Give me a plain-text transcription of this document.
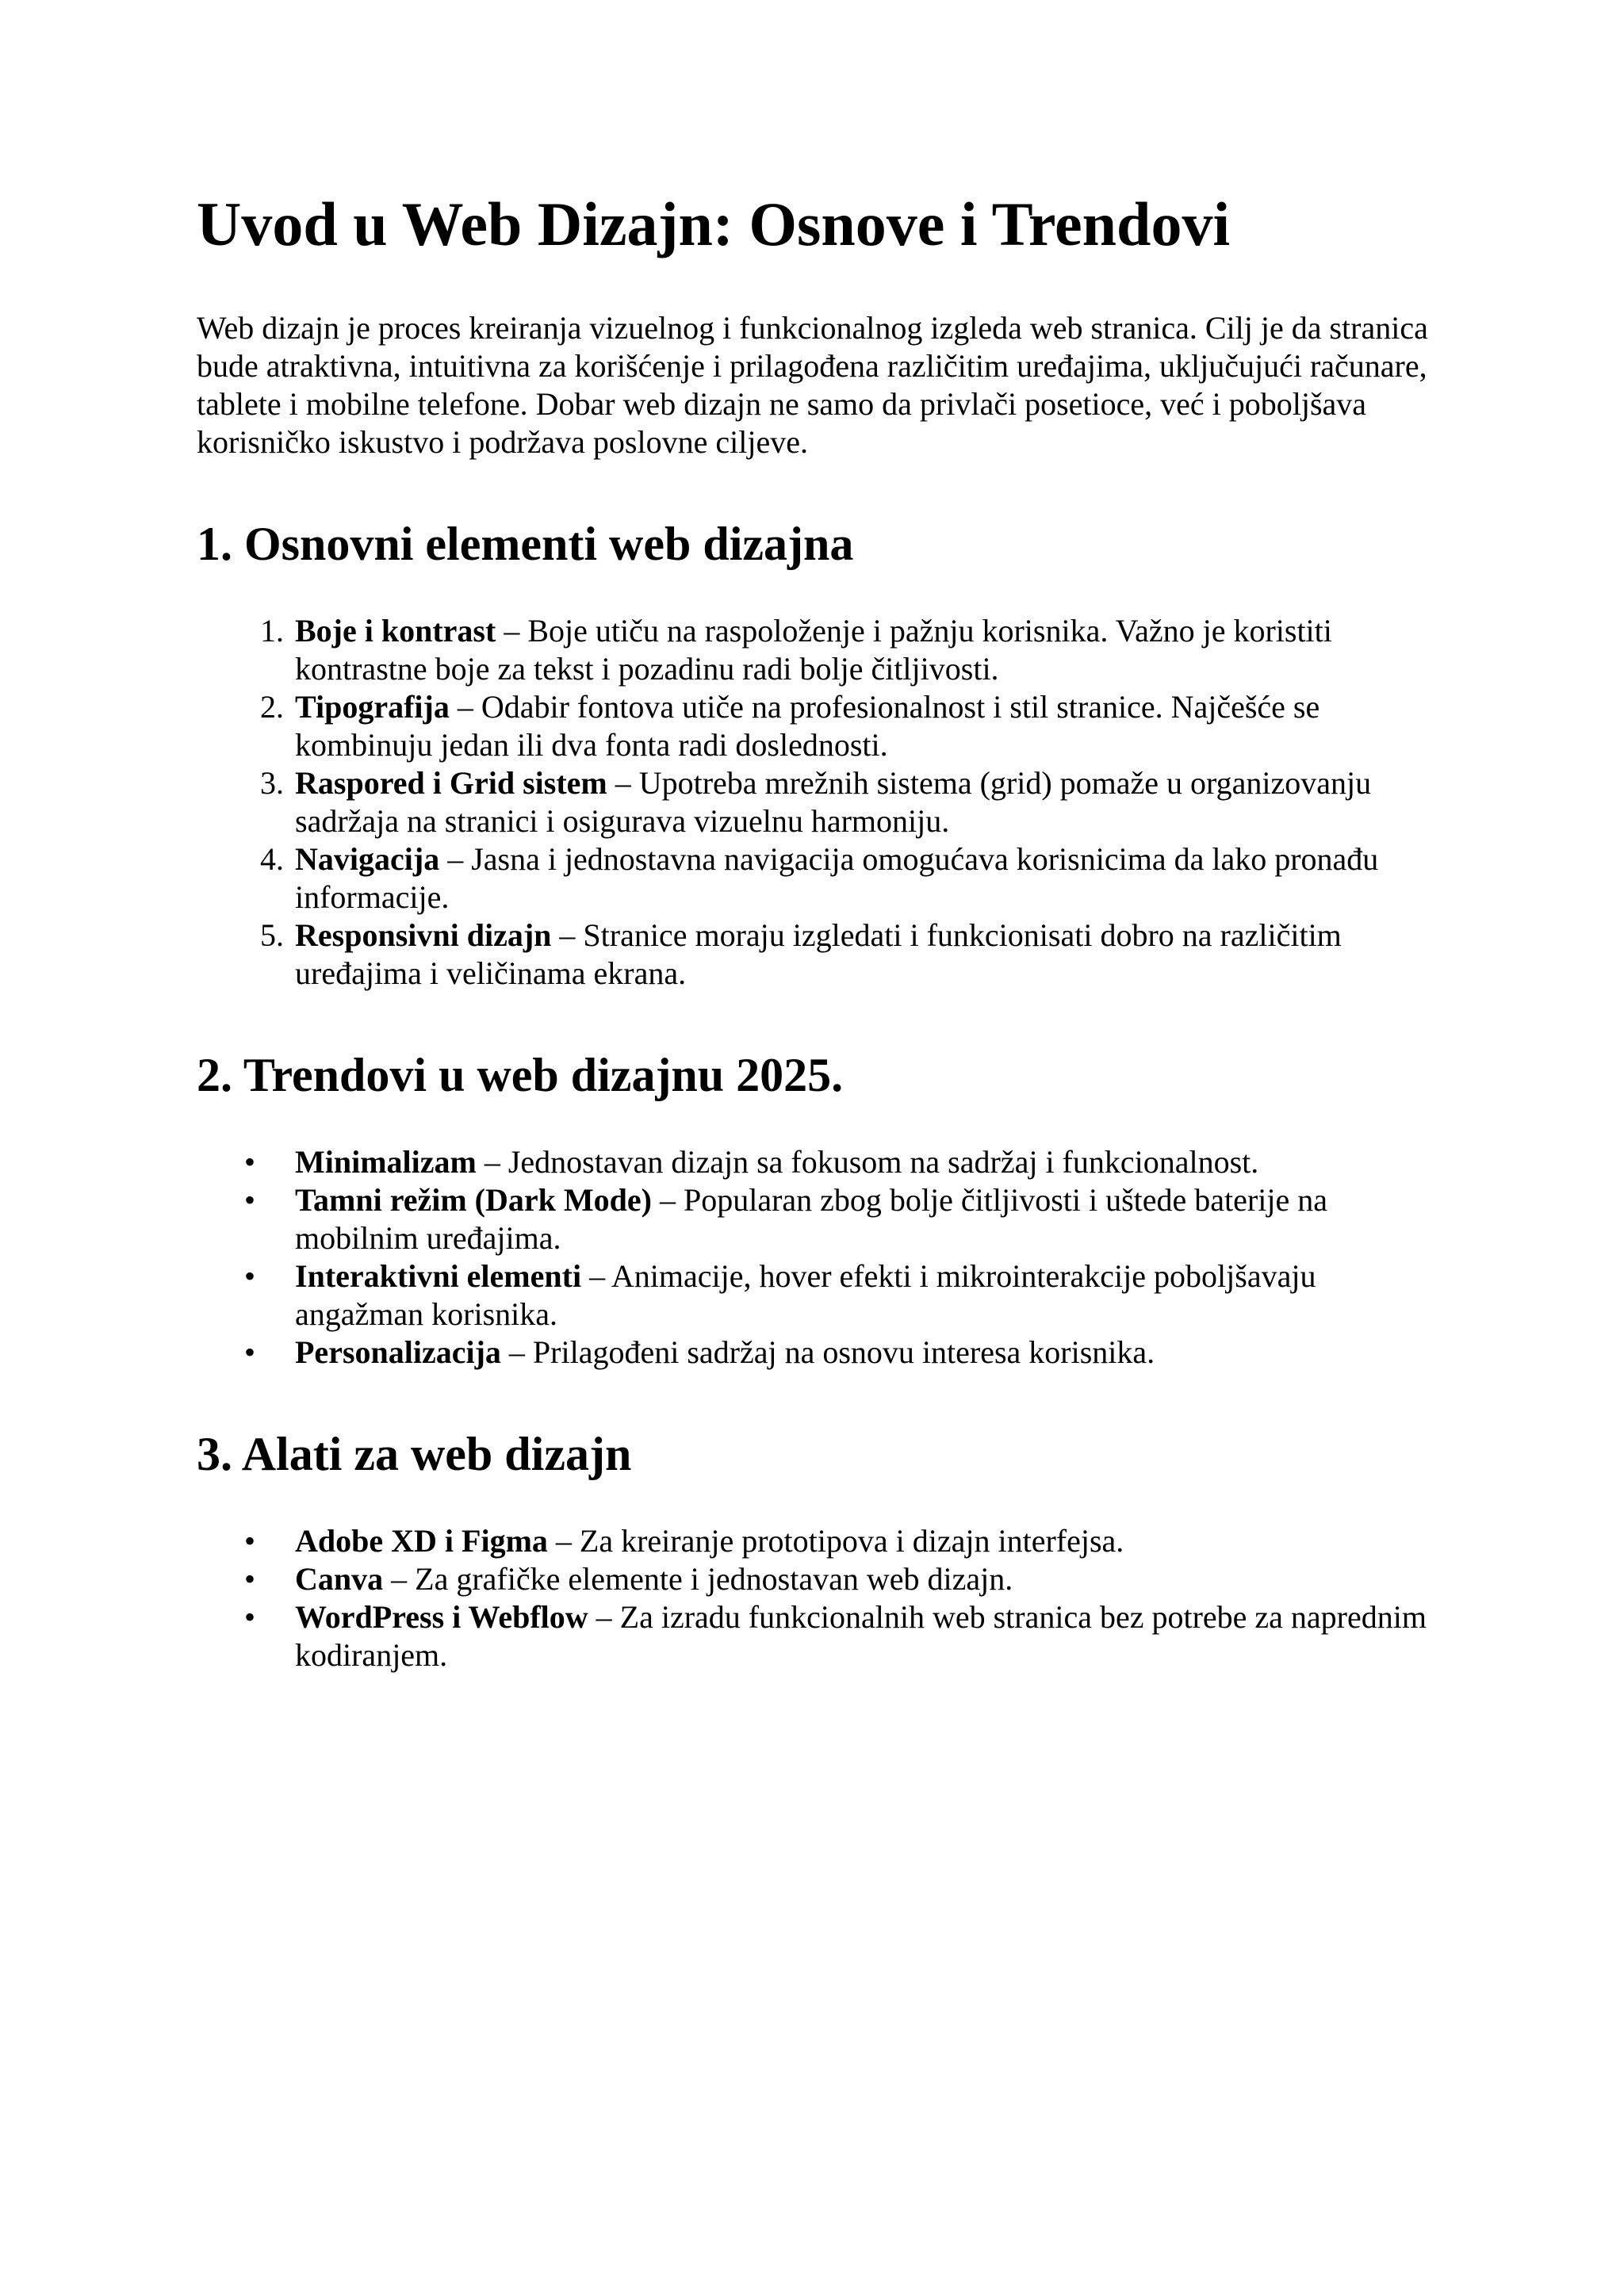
Uvod u Web Dizajn: Osnove i Trendovi

Web dizajn je proces kreiranja vizuelnog i funkcionalnog izgleda web stranica. Cilj je da stranica bude atraktivna, intuitivna za korišćenje i prilagođena različitim uređajima, uključujući računare, tablete i mobilne telefone. Dobar web dizajn ne samo da privlači posetioce, već i poboljšava korisničko iskustvo i podržava poslovne ciljeve.

1. Osnovni elementi web dizajna
1. Boje i kontrast – Boje utiču na raspoloženje i pažnju korisnika. Važno je koristiti kontrastne boje za tekst i pozadinu radi bolje čitljivosti.
2. Tipografija – Odabir fontova utiče na profesionalnost i stil stranice. Najčešće se kombinuju jedan ili dva fonta radi doslednosti.
3. Raspored i Grid sistem – Upotreba mrežnih sistema (grid) pomaže u organizovanju sadržaja na stranici i osigurava vizuelnu harmoniju.
4. Navigacija – Jasna i jednostavna navigacija omogućava korisnicima da lako pronađu informacije.
5. Responsivni dizajn – Stranice moraju izgledati i funkcionisati dobro na različitim uređajima i veličinama ekrana.
2. Trendovi u web dizajnu 2025.
• Minimalizam – Jednostavan dizajn sa fokusom na sadržaj i funkcionalnost.
• Tamni režim (Dark Mode) – Popularan zbog bolje čitljivosti i uštede baterije na mobilnim uređajima.
• Interaktivni elementi – Animacije, hover efekti i mikrointerakcije poboljšavaju angažman korisnika.
• Personalizacija – Prilagođeni sadržaj na osnovu interesa korisnika.
3. Alati za web dizajn
• Adobe XD i Figma – Za kreiranje prototipova i dizajn interfejsa.
• Canva – Za grafičke elemente i jednostavan web dizajn.
• WordPress i Webflow – Za izradu funkcionalnih web stranica bez potrebe za naprednim kodiranjem.
